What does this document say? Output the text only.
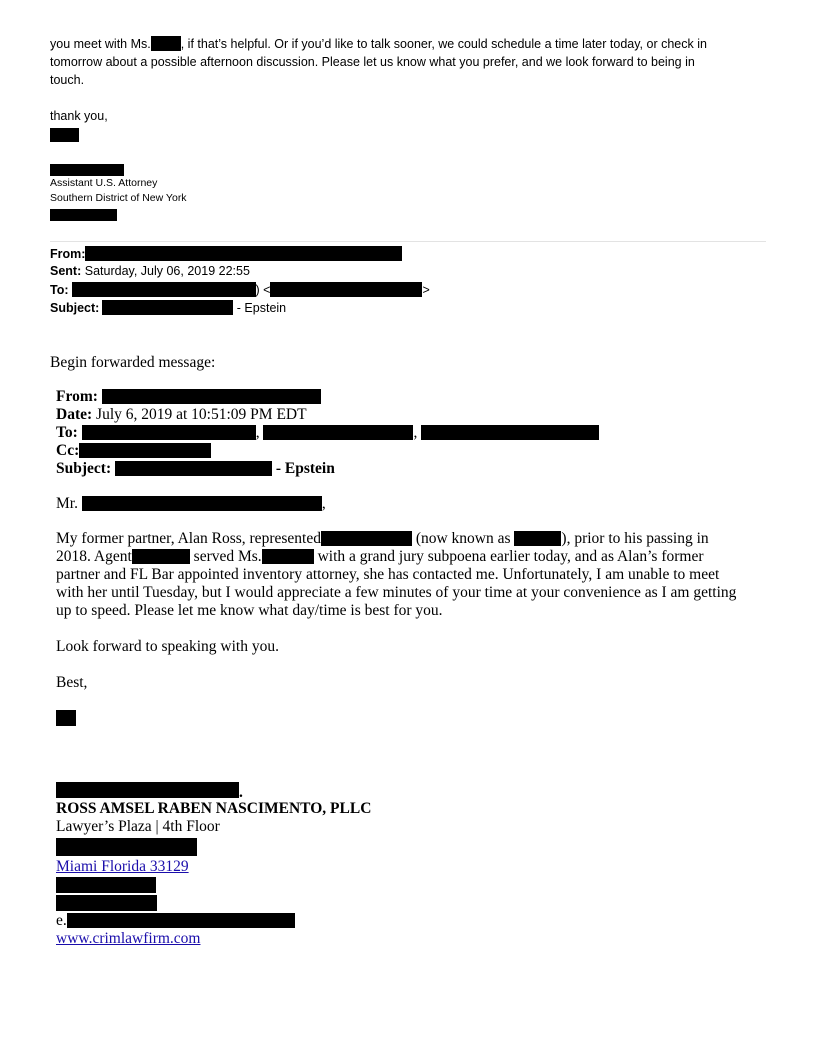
you meet with Ms. , if that’s helpful. Or if you’d like to talk sooner, we could schedule a time later today, or check in
tomorrow about a possible afternoon discussion. Please let us know what you prefer, and we look forward to being in
touch.
thank you,
Assistant U.S. Attorney
Southern District of New York
From:
Sent: Saturday, July 06, 2019 22:55
To:	) <	>
Subject:	- Epstein
Begin forwarded message:
From:
Date: July 6, 2019 at 10:51:09 PM EDT
To:	,	,
Cc:
Subject:	- Epstein
Mr.	,
My former partner, Alan Ross, represented	(now known as	), prior to his passing in
2018. Agent	served Ms.	with a grand jury subpoena earlier today, and as Alan’s former
partner and FL Bar appointed inventory attorney, she has contacted me. Unfortunately, I am unable to meet
with her until Tuesday, but I would appreciate a few minutes of your time at your convenience as I am getting
up to speed. Please let me know what day/time is best for you.
Look forward to speaking with you.
Best,
.
ROSS AMSEL RABEN NASCIMENTO, PLLC
Lawyer’s Plaza | 4th Floor
Miami Florida 33129
e.
www.crimlawfirm.com
